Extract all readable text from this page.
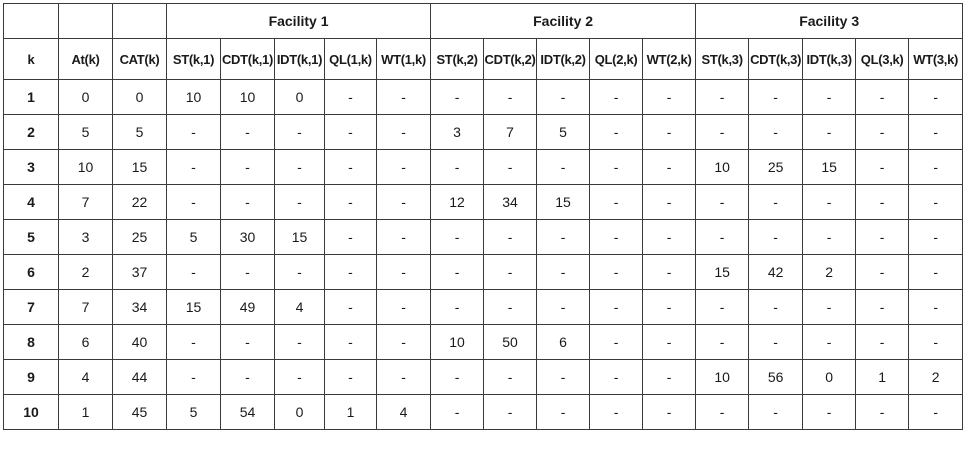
			Facility 1					Facility 2					Facility 3				
k	At(k)	CAT(k)	ST(k,1)	CDT(k,1)	IDT(k,1)	QL(1,k)	WT(1,k)	ST(k,2)	CDT(k,2)	IDT(k,2)	QL(2,k)	WT(2,k)	ST(k,3)	CDT(k,3)	IDT(k,3)	QL(3,k)	WT(3,k)
1	0	0	10	10	0	-	-	-	-	-	-	-	-	-	-	-	-
2	5	5	-	-	-	-	-	3	7	5	-	-	-	-	-	-	-
3	10	15	-	-	-	-	-	-	-	-	-	-	10	25	15	-	-
4	7	22	-	-	-	-	-	12	34	15	-	-	-	-	-	-	-
5	3	25	5	30	15	-	-	-	-	-	-	-	-	-	-	-	-
6	2	37	-	-	-	-	-	-	-	-	-	-	15	42	2	-	-
7	7	34	15	49	4	-	-	-	-	-	-	-	-	-	-	-	-
8	6	40	-	-	-	-	-	10	50	6	-	-	-	-	-	-	-
9	4	44	-	-	-	-	-	-	-	-	-	-	10	56	0	1	2
10	1	45	5	54	0	1	4	-	-	-	-	-	-	-	-	-	-
